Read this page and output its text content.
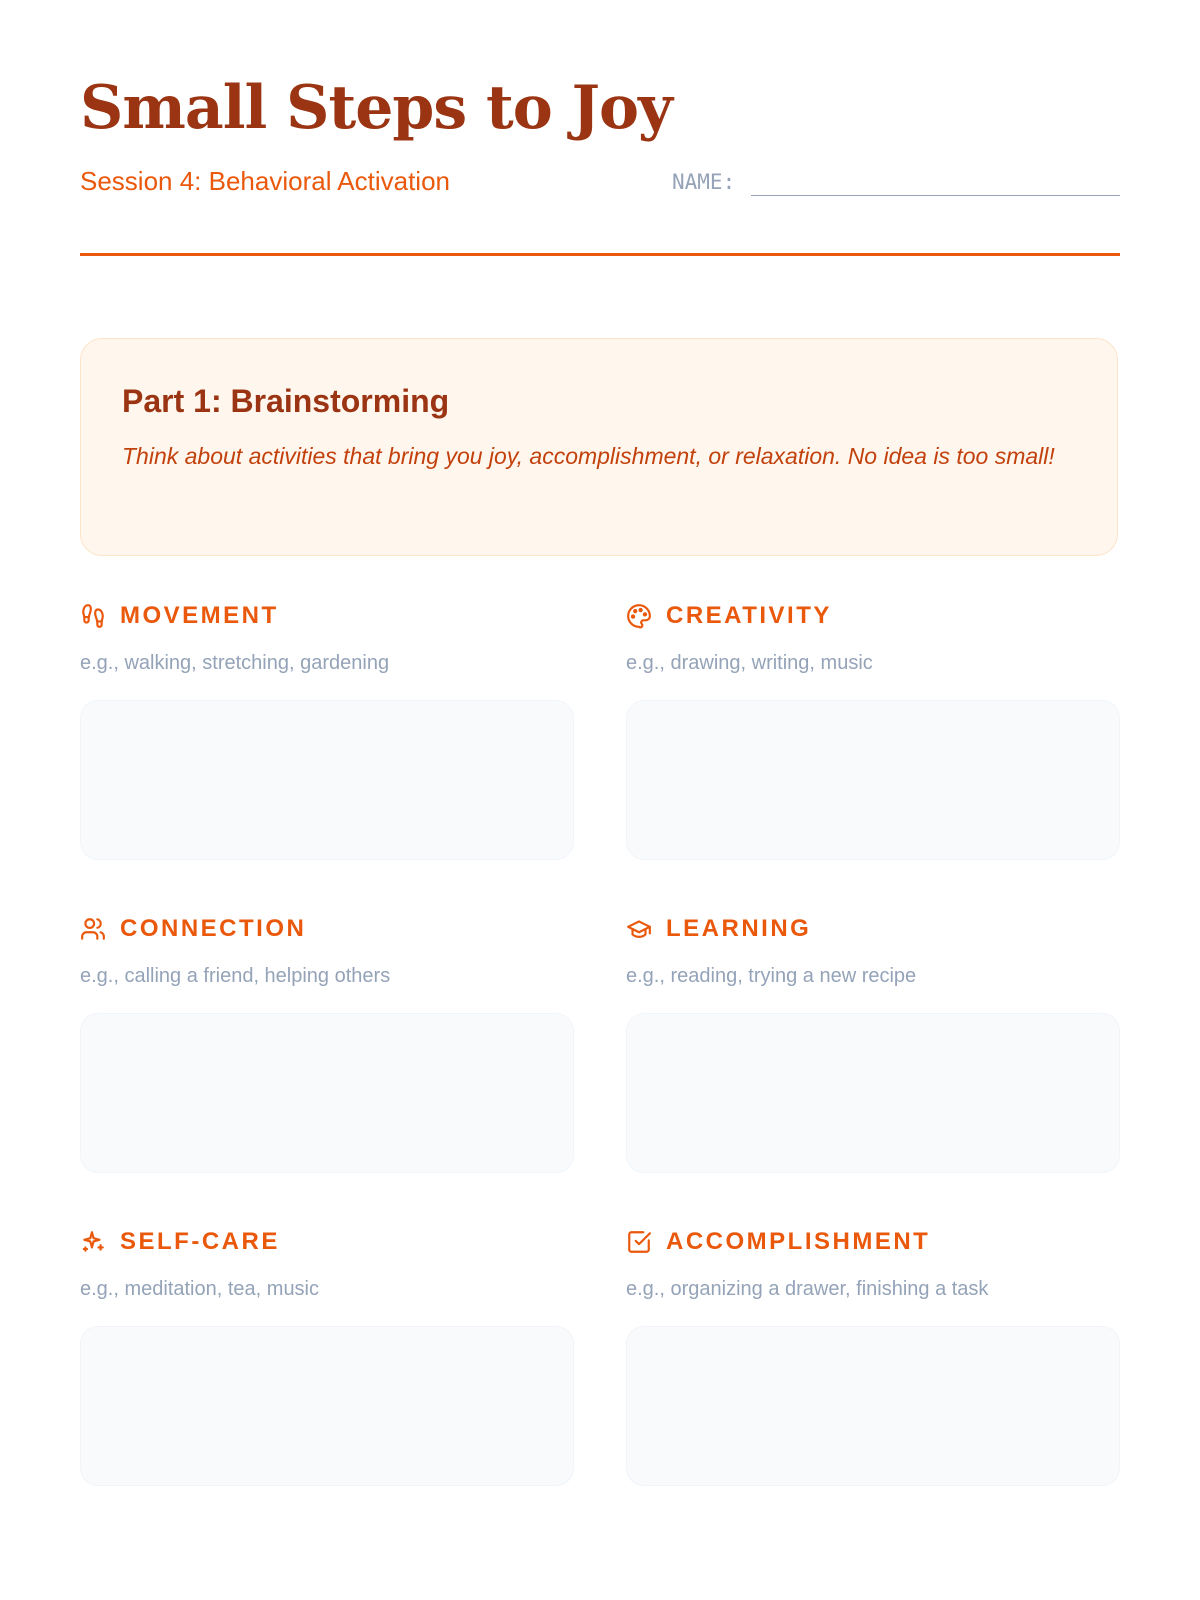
Small Steps to Joy
Session 4: Behavioral Activation	NAME:
Part 1: Brainstorming

Think about activities that bring you joy, accomplishment, or relaxation. No idea is too small!

MOVEMENT
e.g., walking, stretching, gardening
CREATIVITY
e.g., drawing, writing, music
CONNECTION
e.g., calling a friend, helping others
LEARNING
e.g., reading, trying a new recipe
SELF-CARE
e.g., meditation, tea, music
ACCOMPLISHMENT
e.g., organizing a drawer, finishing a task
